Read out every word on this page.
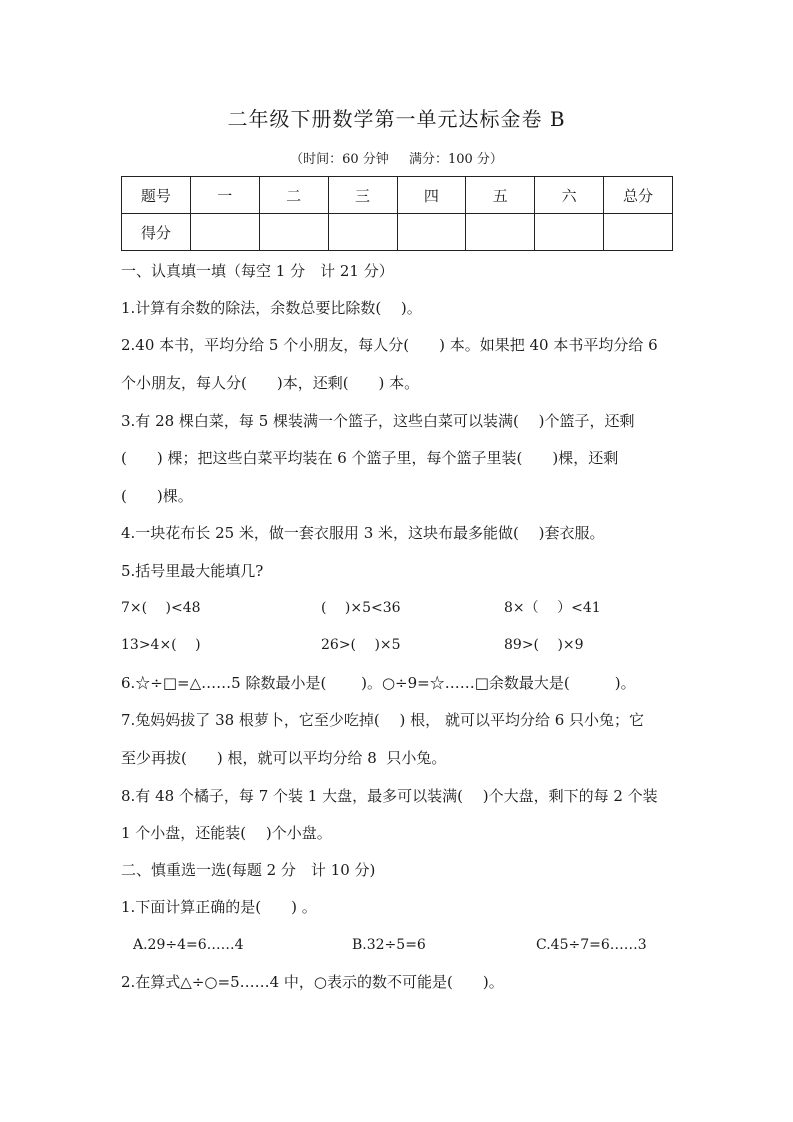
二年级下册数学第一单元达标金卷 B
（时间：60 分钟 满分：100 分）
题号	一	二	三	四	五	六	总分
得分							
一、认真填一填（每空 1 分　计 21 分）
1.计算有余数的除法，余数总要比除数(　 )。
2.40 本书，平均分给 5 个小朋友，每人分(　　) 本。如果把 40 本书平均分给 6
个小朋友，每人分(　　)本，还剩(　　) 本。
3.有 28 棵白菜，每 5 棵装满一个篮子，这些白菜可以装满(　 )个篮子，还剩
(　　) 棵；把这些白菜平均装在 6 个篮子里，每个篮子里装(　　)棵，还剩
(　　)棵。
4.一块花布长 25 米，做一套衣服用 3 米，这块布最多能做(　 )套衣服。
5.括号里最大能填几?
7×(　 )<48	(　 )×5<36	8×（　 ）<41
13>4×(　 )	26>(　 )×5	89>(　 )×9
6.☆÷□=△……5 除数最小是(　 　)。○÷9=☆……□余数最大是(　　　)。
7.兔妈妈拔了 38 根萝卜，它至少吃掉(　 ) 根， 就可以平均分给 6 只小兔；它
至少再拔(　　) 根，就可以平均分给 8  只小兔。
8.有 48 个橘子，每 7 个装 1 大盘，最多可以装满(　 )个大盘，剩下的每 2 个装
1 个小盘，还能装(　 )个小盘。
二、慎重选一选(每题 2 分　计 10 分)
1.下面计算正确的是(　　) 。
A.29÷4=6……4	B.32÷5=6	C.45÷7=6……3
2.在算式△÷○=5……4 中，○表示的数不可能是(　　)。
